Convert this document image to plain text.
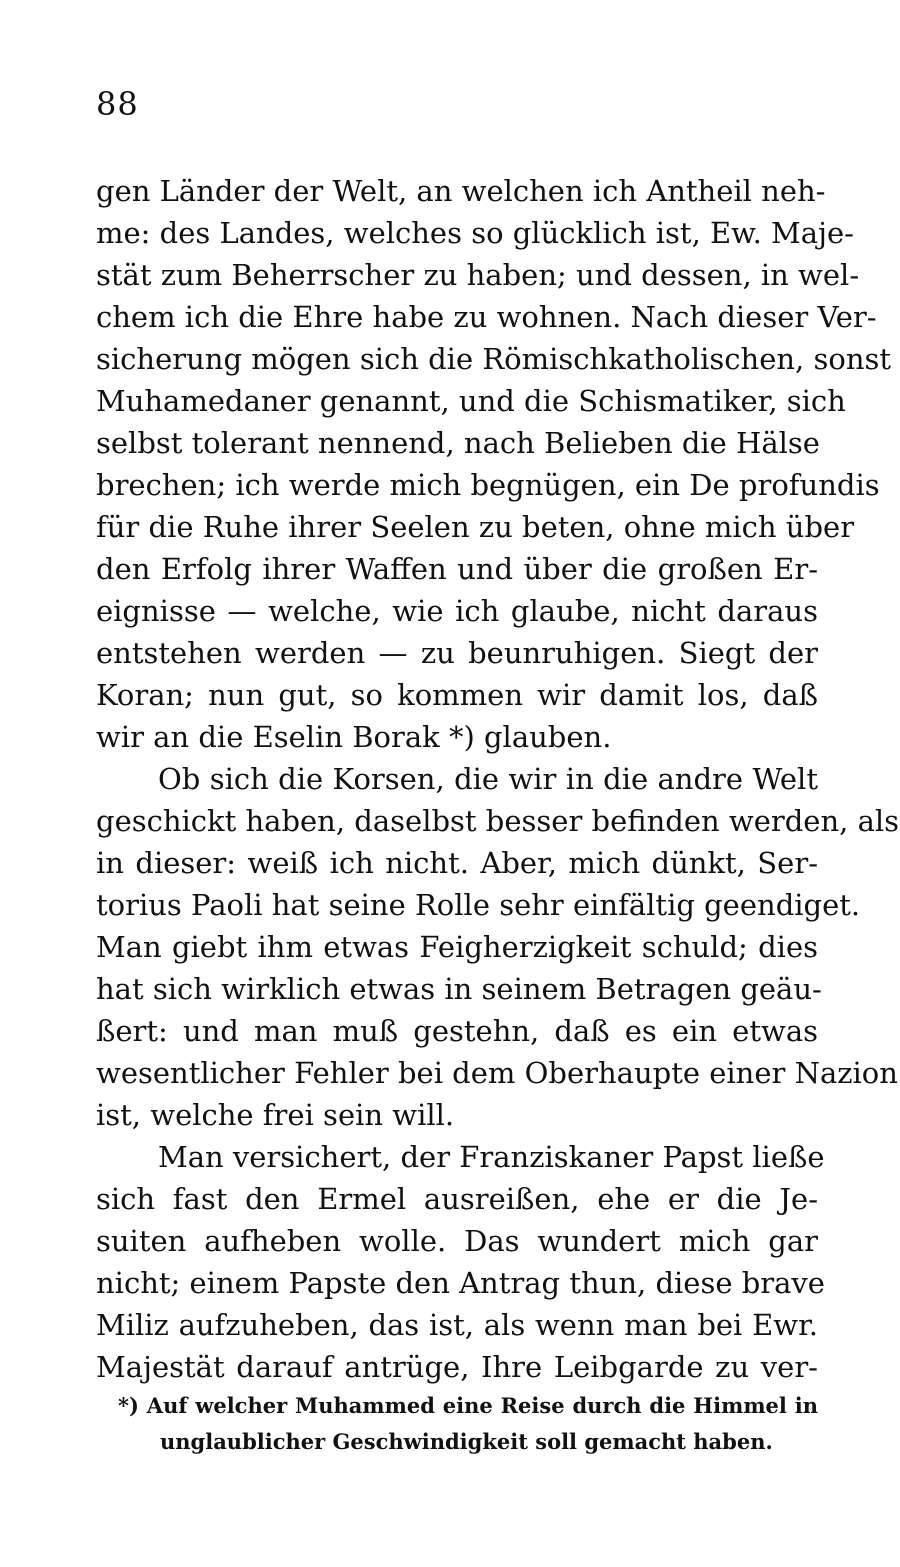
88
gen Länder der Welt, an welchen ich Antheil neh-
me: des Landes, welches so glücklich ist, Ew. Maje-
stät zum Beherrscher zu haben; und dessen, in wel-
chem ich die Ehre habe zu wohnen. Nach dieser Ver-
sicherung mögen sich die Römischkatholischen, sonst
Muhamedaner genannt, und die Schismatiker, sich
selbst tolerant nennend, nach Belieben die Hälse
brechen; ich werde mich begnügen, ein De profundis
für die Ruhe ihrer Seelen zu beten, ohne mich über
den Erfolg ihrer Waffen und über die großen Er-
eignisse — welche, wie ich glaube, nicht daraus
entstehen werden — zu beunruhigen. Siegt der
Koran; nun gut, so kommen wir damit los, daß
wir an die Eselin Borak *) glauben.
Ob sich die Korsen, die wir in die andre Welt
geschickt haben, daselbst besser befinden werden, als
in dieser: weiß ich nicht. Aber, mich dünkt, Ser-
torius Paoli hat seine Rolle sehr einfältig geendiget.
Man giebt ihm etwas Feigherzigkeit schuld; dies
hat sich wirklich etwas in seinem Betragen geäu-
ßert: und man muß gestehn, daß es ein etwas
wesentlicher Fehler bei dem Oberhaupte einer Nazion
ist, welche frei sein will.
Man versichert, der Franziskaner Papst ließe
sich fast den Ermel ausreißen, ehe er die Je-
suiten aufheben wolle. Das wundert mich gar
nicht; einem Papste den Antrag thun, diese brave
Miliz aufzuheben, das ist, als wenn man bei Ewr.
Majestät darauf antrüge, Ihre Leibgarde zu ver-
*) Auf welcher Muhammed eine Reise durch die Himmel in
unglaublicher Geschwindigkeit soll gemacht haben.
